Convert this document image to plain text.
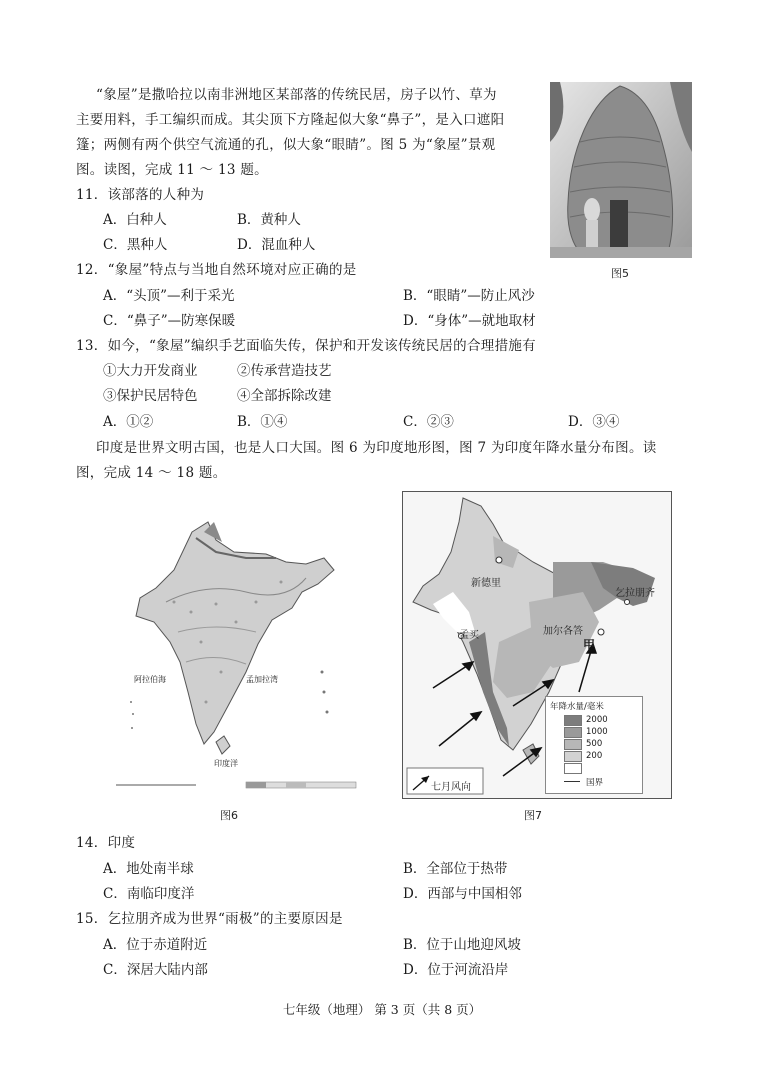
“象屋”是撒哈拉以南非洲地区某部落的传统民居，房子以竹、草为
主要用料，手工编织而成。其尖顶下方隆起似大象“鼻子”，是入口遮阳
篷；两侧有两个供空气流通的孔，似大象“眼睛”。图 5 为“象屋”景观
图。读图，完成 11 ～ 13 题。
图5
11．该部落的人种为
A．白种人	B．黄种人
C．黑种人	D．混血种人
12．“象屋”特点与当地自然环境对应正确的是
A．“头顶”—利于采光	B．“眼睛”—防止风沙
C．“鼻子”—防寒保暖	D．“身体”—就地取材
13．如今，“象屋”编织手艺面临失传，保护和开发该传统民居的合理措施有
①大力开发商业	②传承营造技艺
③保护民居特色	④全部拆除改建
A．①②	B．①④	C．②③	D．③④
印度是世界文明古国，也是人口大国。图 6 为印度地形图，图 7 为印度年降水量分布图。读
图，完成 14 ～ 18 题。
阿拉伯海	孟加拉湾
印度洋
图6
新德里
乞拉朋齐
加尔各答
甲
孟买
七月风向
年降水量/毫米
2000
1000
500
200
国界
图7
14．印度
A．地处南半球	B．全部位于热带
C．南临印度洋	D．西部与中国相邻
15．乞拉朋齐成为世界“雨极”的主要原因是
A．位于赤道附近	B．位于山地迎风坡
C．深居大陆内部	D．位于河流沿岸
七年级（地理） 第 3 页（共 8 页）
